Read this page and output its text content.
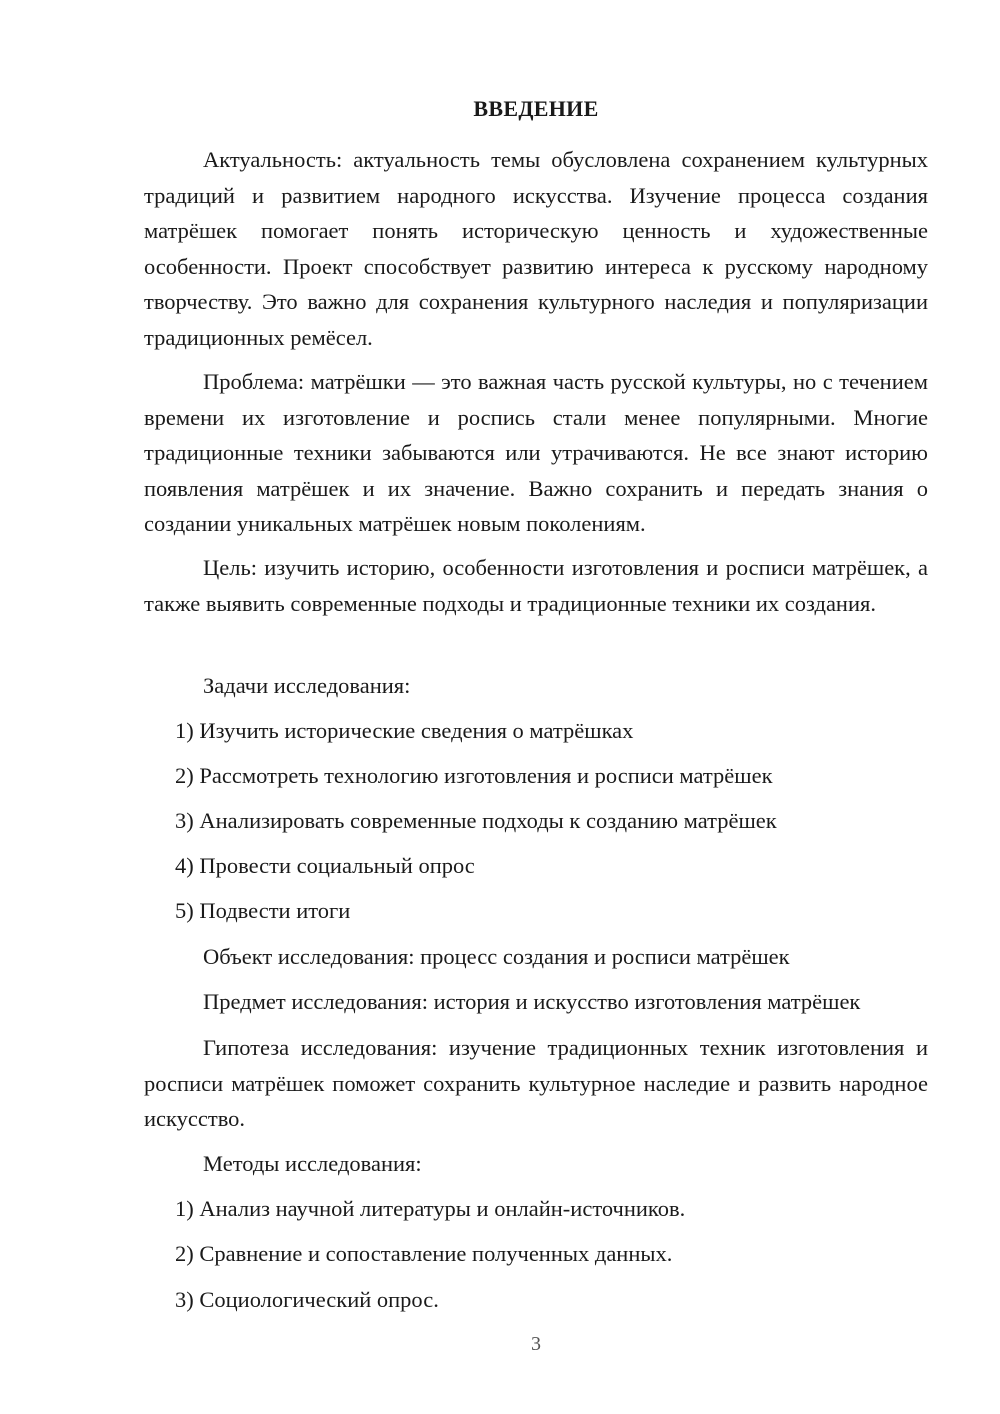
ВВЕДЕНИЕ

Актуальность: актуальность темы обусловлена сохранением культурных традиций и развитием народного искусства. Изучение процесса создания матрёшек помогает понять историческую ценность и художественные особенности. Проект способствует развитию интереса к русскому народному творчеству. Это важно для сохранения культурного наследия и популяризации традиционных ремёсел.

Проблема: матрёшки — это важная часть русской культуры, но с течением времени их изготовление и роспись стали менее популярными. Многие традиционные техники забываются или утрачиваются. Не все знают историю появления матрёшек и их значение. Важно сохранить и передать знания о создании уникальных матрёшек новым поколениям.

Цель: изучить историю, особенности изготовления и росписи матрёшек, а также выявить современные подходы и традиционные техники их создания.

Задачи исследования:

1) Изучить исторические сведения о матрёшках

2) Рассмотреть технологию изготовления и росписи матрёшек

3) Анализировать современные подходы к созданию матрёшек

4) Провести социальный опрос

5) Подвести итоги

Объект исследования: процесс создания и росписи матрёшек

Предмет исследования: история и искусство изготовления матрёшек

Гипотеза исследования: изучение традиционных техник изготовления и росписи матрёшек поможет сохранить культурное наследие и развить народное искусство.

Методы исследования:

1) Анализ научной литературы и онлайн-источников.

2) Сравнение и сопоставление полученных данных.

3) Социологический опрос.

3
